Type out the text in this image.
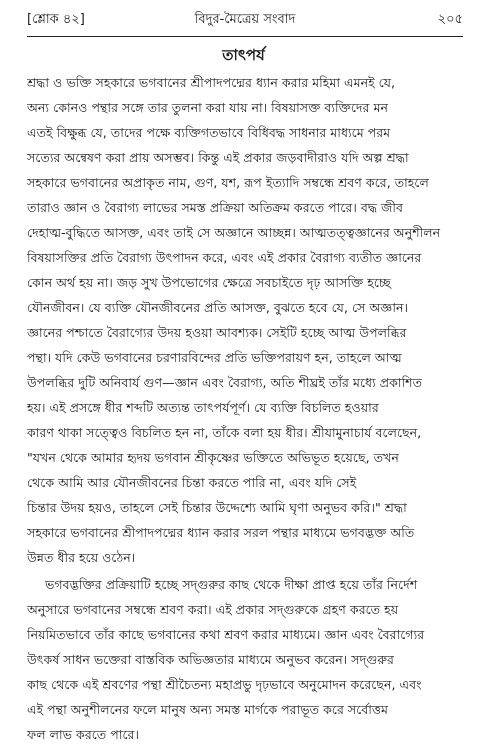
[শ্লোক ৪২]	বিদুর-মৈত্রেয় সংবাদ	২০৫
তাৎপর্য
শ্রদ্ধা ও ভক্তি সহকারে ভগবানের শ্রীপাদপদ্মের ধ্যান করার মহিমা এমনই যে,
অন্য কোনও পন্থার সঙ্গে তার তুলনা করা যায় না। বিষয়াসক্ত ব্যক্তিদের মন
এতই বিক্ষুব্ধ যে, তাদের পক্ষে ব্যক্তিগতভাবে বিধিবদ্ধ সাধনার মাধ্যমে পরম
সত্যের অন্বেষণ করা প্রায় অসম্ভব। কিন্তু এই প্রকার জড়বাদীরাও যদি অল্প শ্রদ্ধা
সহকারে ভগবানের অপ্রাকৃত নাম, গুণ, যশ, রূপ ইত্যাদি সম্বন্ধে শ্রবণ করে, তাহলে
তারাও জ্ঞান ও বৈরাগ্য লাভের সমস্ত প্রক্রিয়া অতিক্রম করতে পারে। বদ্ধ জীব
দেহাত্ম-বুদ্ধিতে আসক্ত, এবং তাই সে অজ্ঞানে আচ্ছন্ন। আত্মতত্ত্বজ্ঞানের অনুশীলন
বিষয়াসক্তির প্রতি বৈরাগ্য উৎপাদন করে, এবং এই প্রকার বৈরাগ্য ব্যতীত জ্ঞানের
কোন অর্থ হয় না। জড় সুখ উপভোগের ক্ষেত্রে সবচাইতে দৃঢ় আসক্তি হচ্ছে
যৌনজীবন। যে ব্যক্তি যৌনজীবনের প্রতি আসক্ত, বুঝতে হবে যে, সে অজ্ঞান।
জ্ঞানের পশ্চাতে বৈরাগ্যের উদয় হওয়া আবশ্যক। সেইটি হচ্ছে আত্ম উপলব্ধির
পন্থা। যদি কেউ ভগবানের চরণারবিন্দের প্রতি ভক্তিপরায়ণ হন, তাহলে আত্ম
উপলব্ধির দুটি অনিবার্য গুণ—জ্ঞান এবং বৈরাগ্য, অতি শীঘ্রই তাঁর মধ্যে প্রকাশিত
হয়। এই প্রসঙ্গে ধীর শব্দটি অত্যন্ত তাৎপর্যপূর্ণ। যে ব্যক্তি বিচলিত হওয়ার
কারণ থাকা সত্ত্বেও বিচলিত হন না, তাঁকে বলা হয় ধীর। শ্রীযামুনাচার্য বলেছেন,
"যখন থেকে আমার হৃদয় ভগবান শ্রীকৃষ্ণের ভক্তিতে অভিভূত হয়েছে, তখন
থেকে আমি আর যৌনজীবনের চিন্তা করতে পারি না, এবং যদি সেই
চিন্তার উদয় হয়ও, তাহলে সেই চিন্তার উদ্দেশ্যে আমি ঘৃণা অনুভব করি।" শ্রদ্ধা
সহকারে ভগবানের শ্রীপাদপদ্মের ধ্যান করার সরল পন্থার মাধ্যমে ভগবদ্ভক্ত অতি
উন্নত ধীর হয়ে ওঠেন।
ভগবদ্ভক্তির প্রক্রিয়াটি হচ্ছে সদ্গুরুর কাছ থেকে দীক্ষা প্রাপ্ত হয়ে তাঁর নির্দেশ
অনুসারে ভগবানের সম্বন্ধে শ্রবণ করা। এই প্রকার সদ্গুরুকে গ্রহণ করতে হয়
নিয়মিতভাবে তাঁর কাছে ভগবানের কথা শ্রবণ করার মাধ্যমে। জ্ঞান এবং বৈরাগ্যের
উৎকর্ষ সাধন ভক্তেরা বাস্তবিক অভিজ্ঞতার মাধ্যমে অনুভব করেন। সদ্গুরুর
কাছ থেকে এই শ্রবণের পন্থা শ্রীচৈতন্য মহাপ্রভু দৃঢ়ভাবে অনুমোদন করেছেন, এবং
এই পন্থা অনুশীলনের ফলে মানুষ অন্য সমস্ত মার্গকে পরাভূত করে সর্বোত্তম
ফল লাভ করতে পারে।
